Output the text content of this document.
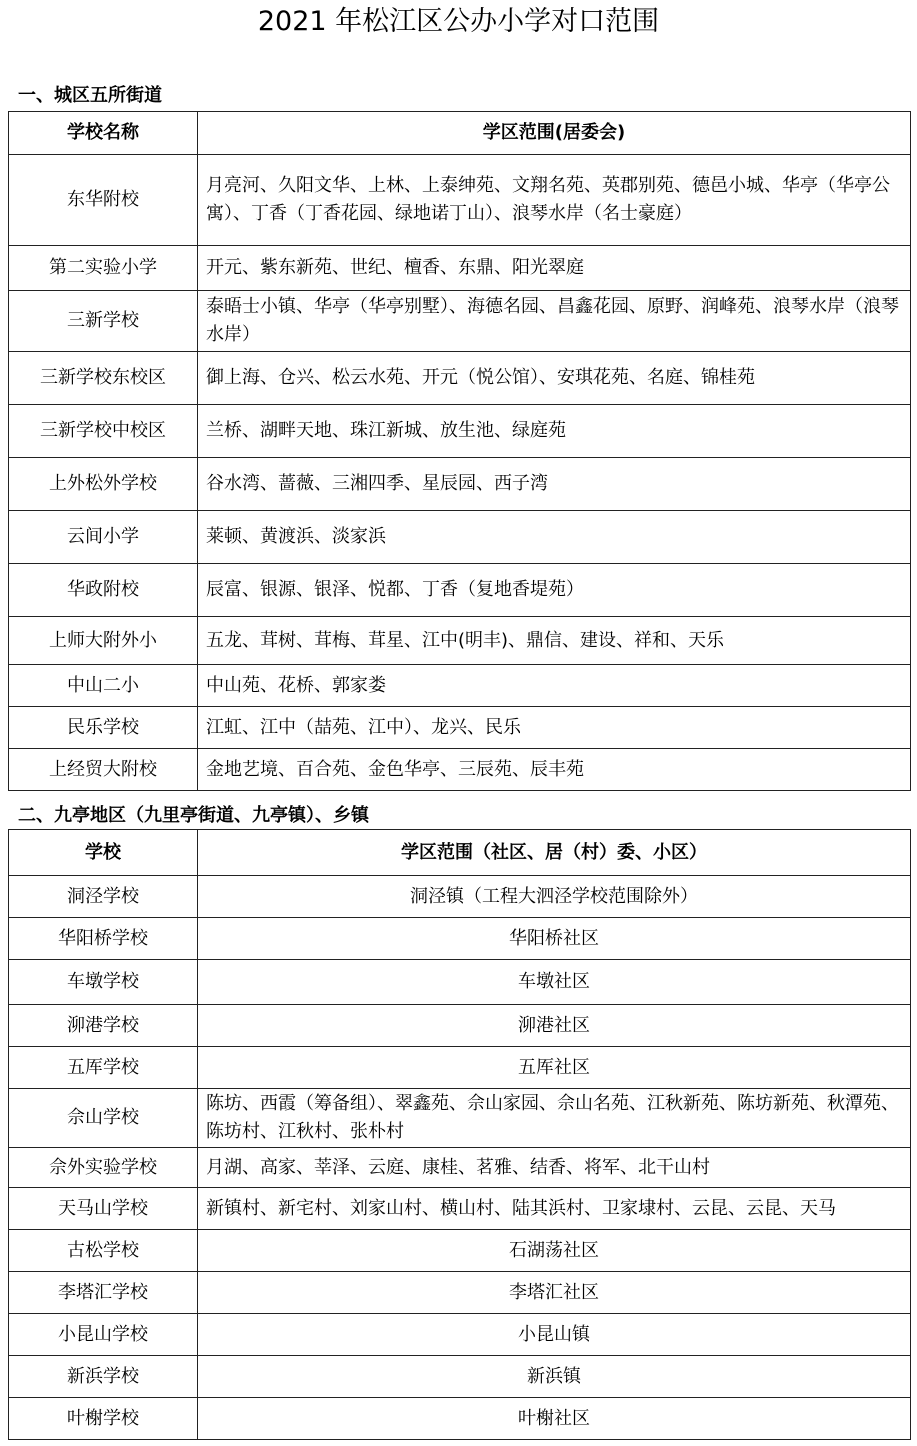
2021 年松江区公办小学对口范围
一、城区五所街道
学校名称	学区范围(居委会)
东华附校	月亮河、久阳文华、上林、上泰绅苑、文翔名苑、英郡别苑、德邑小城、华亭（华亭公寓）、丁香（丁香花园、绿地诺丁山）、浪琴水岸（名士豪庭）
第二实验小学	开元、紫东新苑、世纪、檀香、东鼎、阳光翠庭
三新学校	泰晤士小镇、华亭（华亭别墅）、海德名园、昌鑫花园、原野、润峰苑、浪琴水岸（浪琴水岸）
三新学校东校区	御上海、仓兴、松云水苑、开元（悦公馆）、安琪花苑、名庭、锦桂苑
三新学校中校区	兰桥、湖畔天地、珠江新城、放生池、绿庭苑
上外松外学校	谷水湾、蔷薇、三湘四季、星辰园、西子湾
云间小学	莱顿、黄渡浜、淡家浜
华政附校	辰富、银源、银泽、悦都、丁香（复地香堤苑）
上师大附外小	五龙、茸树、茸梅、茸星、江中(明丰)、鼎信、建设、祥和、天乐
中山二小	中山苑、花桥、郭家娄
民乐学校	江虹、江中（喆苑、江中）、龙兴、民乐
上经贸大附校	金地艺境、百合苑、金色华亭、三辰苑、辰丰苑
二、九亭地区（九里亭街道、九亭镇）、乡镇
学校	学区范围（社区、居（村）委、小区）
洞泾学校	洞泾镇（工程大泗泾学校范围除外）
华阳桥学校	华阳桥社区
车墩学校	车墩社区
泖港学校	泖港社区
五厍学校	五厍社区
佘山学校	陈坊、西霞（筹备组）、翠鑫苑、佘山家园、佘山名苑、江秋新苑、陈坊新苑、秋潭苑、陈坊村、江秋村、张朴村
佘外实验学校	月湖、高家、莘泽、云庭、康桂、茗雅、结香、将军、北干山村
天马山学校	新镇村、新宅村、刘家山村、横山村、陆其浜村、卫家埭村、云昆、云昆、天马
古松学校	石湖荡社区
李塔汇学校	李塔汇社区
小昆山学校	小昆山镇
新浜学校	新浜镇
叶榭学校	叶榭社区
